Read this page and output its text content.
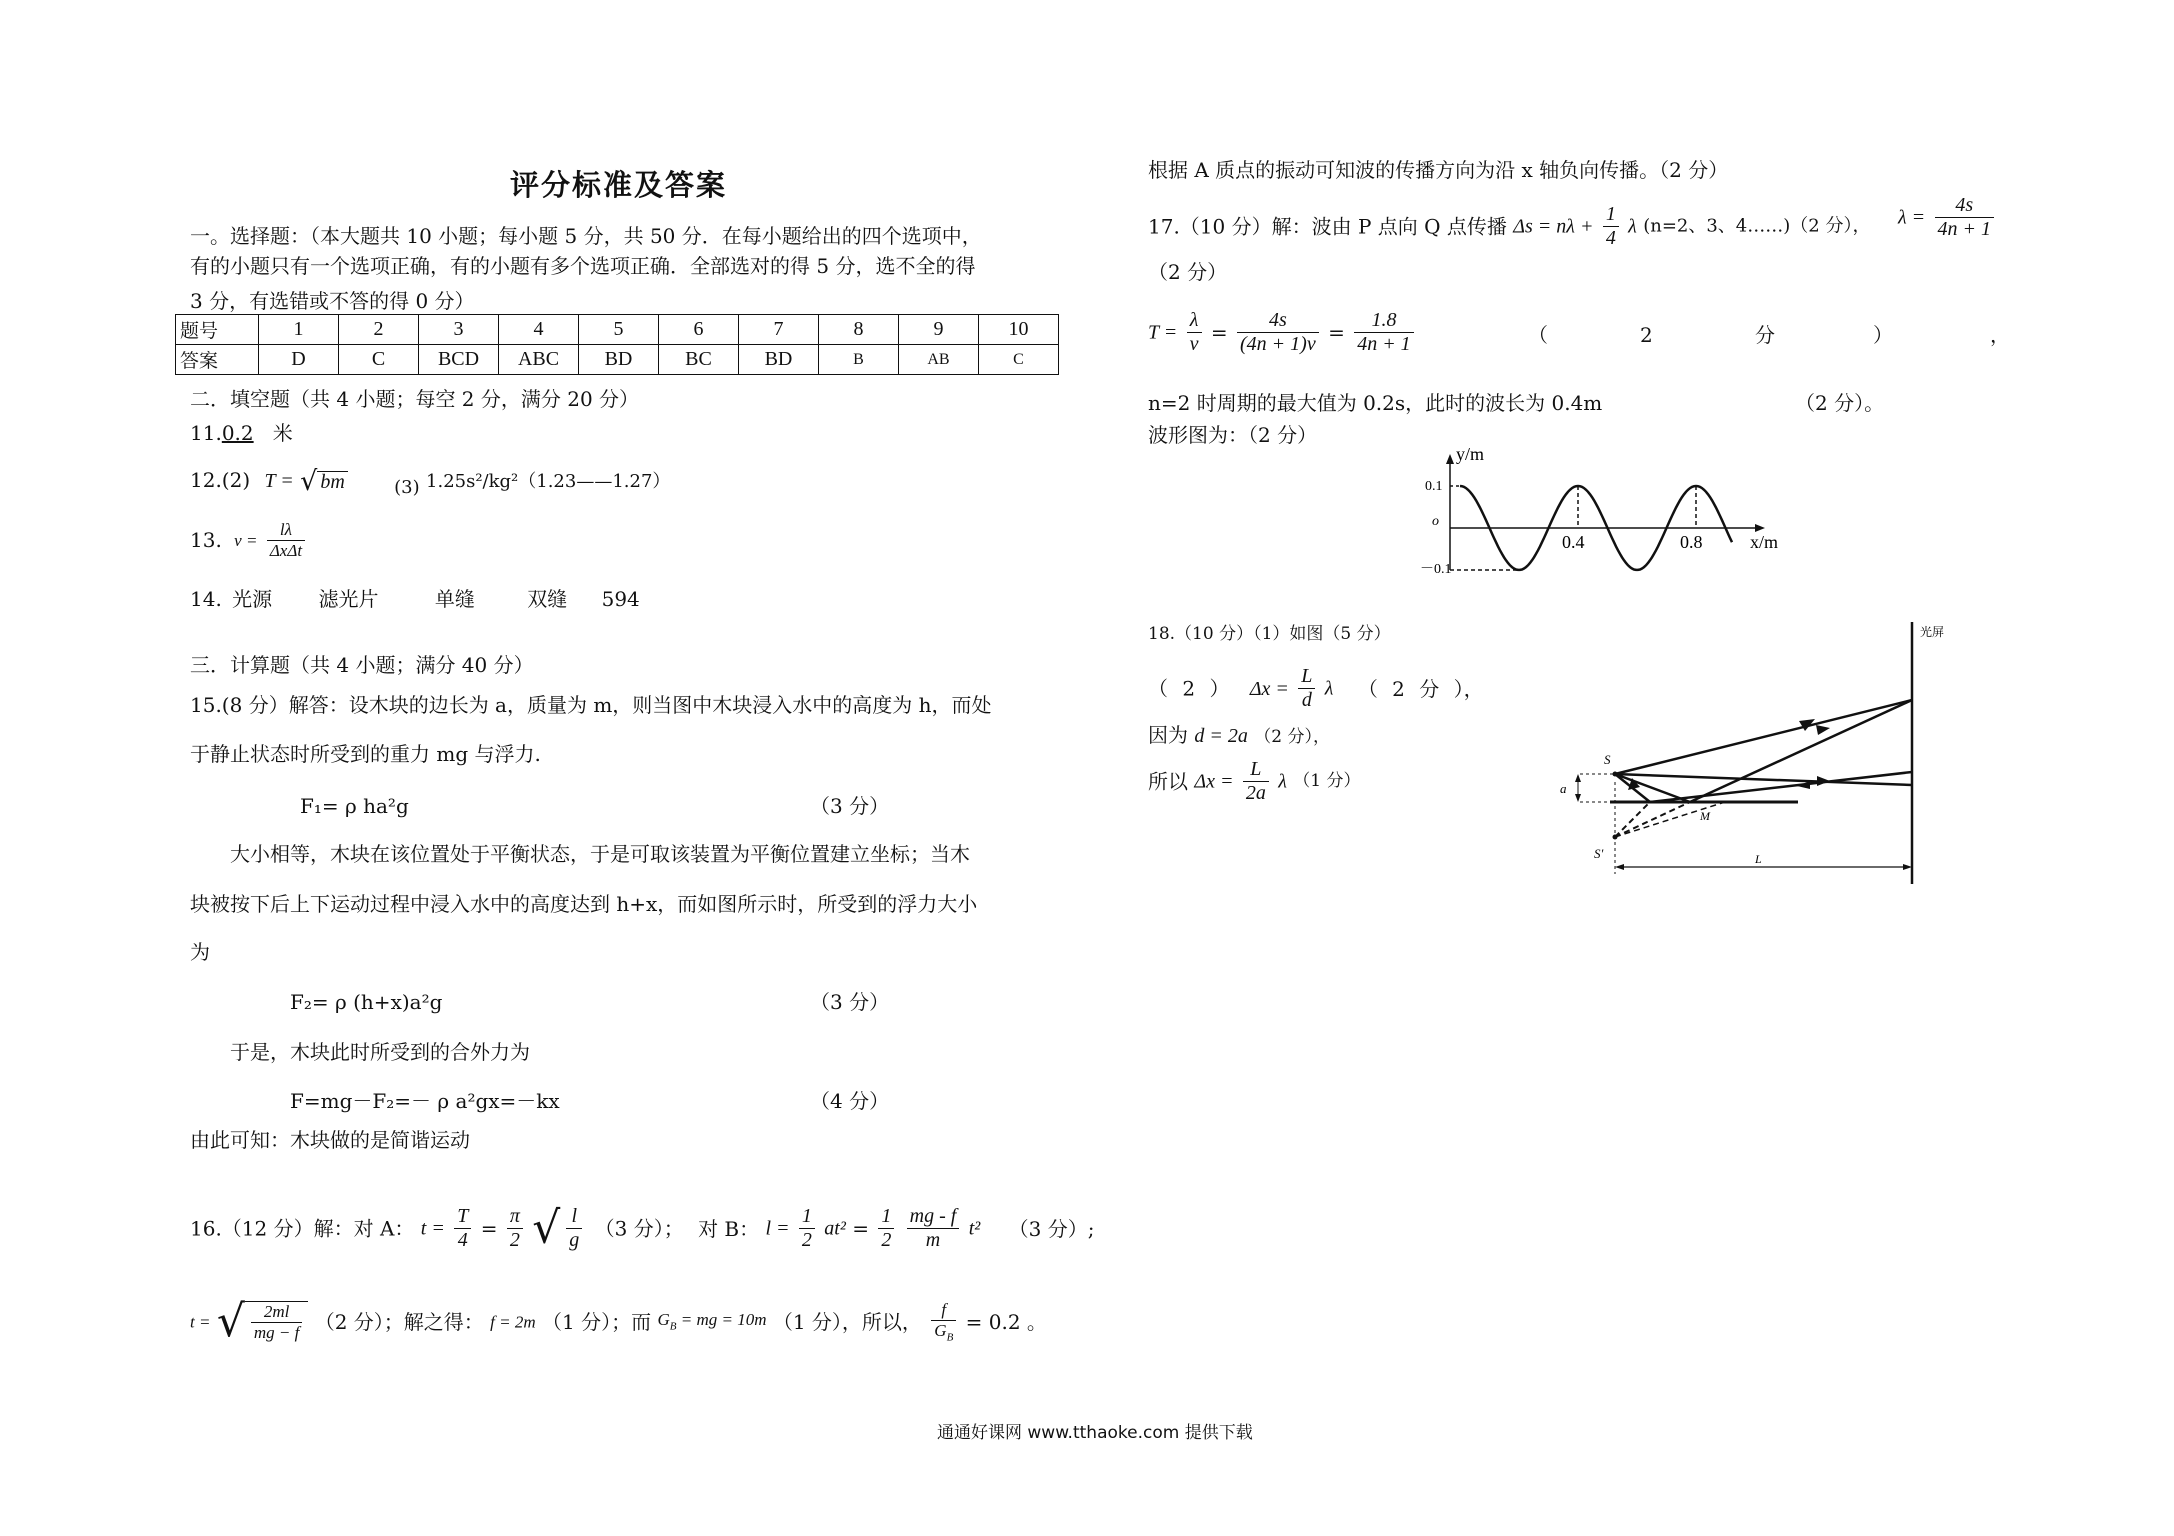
评分标准及答案
一。选择题：（本大题共 10 小题；每小题 5 分，共 50 分．在每小题给出的四个选项中，
有的小题只有一个选项正确，有的小题有多个选项正确．全部选对的得 5 分，选不全的得
3 分，有选错或不答的得 0 分）
题号	1	2	3	4	5	6	7	8	9	10
答案	D	C	BCD	ABC	BD	BC	BD	B	AB	C
二．填空题（共 4 小题；每空 2 分，满分 20 分）
11.0.2 米
12.(2) T = √ bm	(3) 1.25s²/kg²（1.23——1.27）
13. $v = \frac{l\lambda}{\text{ΔxΔt}}$
14. 光源 滤光片	单缝	双缝 594
三．计算题（共 4 小题；满分 40 分）
15.(8 分）解答：设木块的边长为 a，质量为 m，则当图中木块浸入水中的高度为 h，而处
于静止状态时所受到的重力 mg 与浮力.
F₁= ρ ha²g	（3 分）
大小相等，木块在该位置处于平衡状态，于是可取该装置为平衡位置建立坐标；当木
块被按下后上下运动过程中浸入水中的高度达到 h+x，而如图所示时，所受到的浮力大小
为
F₂= ρ (h+x)a²g	（3 分）
于是，木块此时所受到的合外力为
F=mg－F₂=－ ρ a²gx=－kx	（4 分）
由此可知：木块做的是简谐运动
16.（12 分）解：对 A： $t = \frac{T}{4} = \frac{\pi}{2}$ √ $\frac{l}{g} (3$ 分）； 对 B： $l = \frac{1}{2} at^2 = \frac{1}{2}$
$\frac{mg - f}{m} t^2$ （3 分）;
t = √ $\frac{2ml}{mg - f} (2$ 分）；解之得： f = 2m （1 分）；而 $G_B$ = mg = 10m （1 分），所以， $\frac{f}{G_B} = 0.2$ 。
根据 A 质点的振动可知波的传播方向为沿 x 轴负向传播。（2 分）
17.（10 分）解：波由 P 点向 Q 点传播 $\Delta s = n\lambda + \frac{1}{4}$ λ (n=2、3、4……)（2 分）， $\lambda = \frac{4s}{4n + 1}$
（2 分）
$T = \frac{\lambda}{v} = \frac{4s}{(4n + 1)v} = \frac{1.8}{4n + 1}$	（	2	分	）	，
n=2 时周期的最大值为 0.2s，此时的波长为 0.4m	（2 分）。
波形图为：（2 分）
y/m
x/m
o
0.1
－0.1
0.4	0.8
18.（10 分）（1）如图（5 分）
（ 2 ） $\Delta x = \frac{L}{d}$ λ （ 2 分 ），
因为 d = 2a （2 分），
所以 $\Delta x = \frac{L}{2a}$ λ （1 分）
光屏
M
S
S′
a
L
通通好课网 www.tthaoke.com 提供下载
